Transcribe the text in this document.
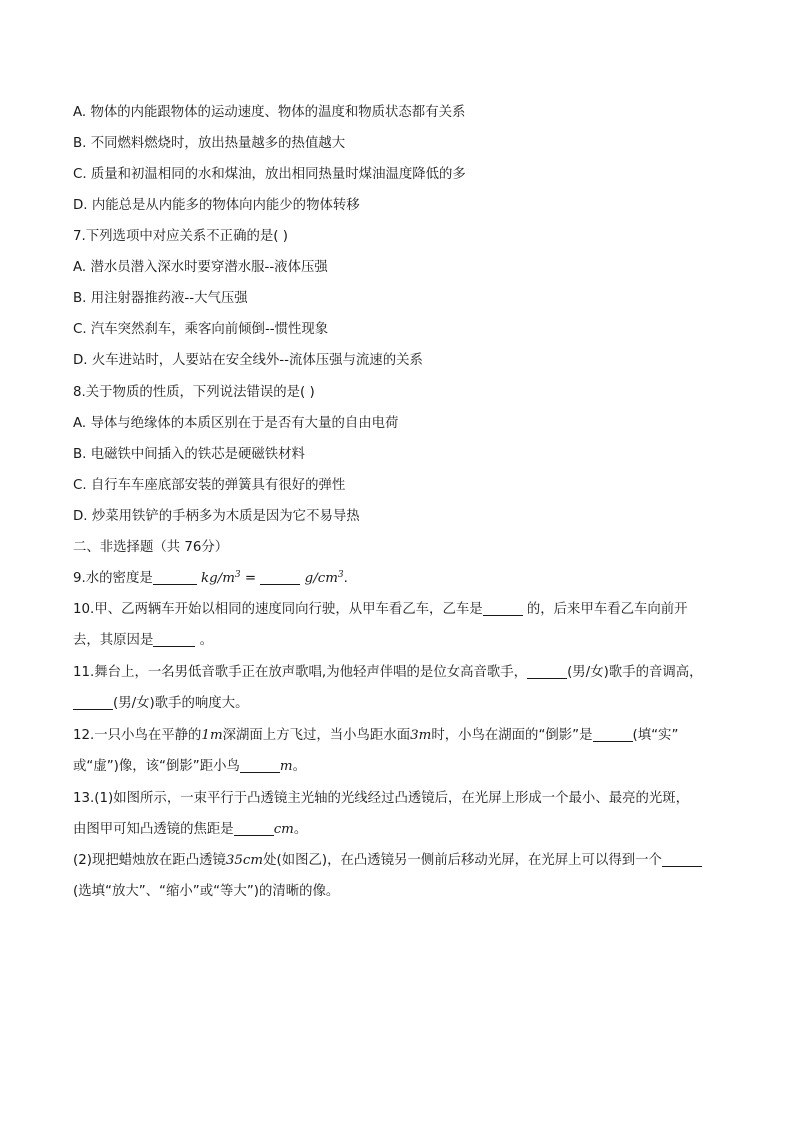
A. 物体的内能跟物体的运动速度、物体的温度和物质状态都有关系
B. 不同燃料燃烧时，放出热量越多的热值越大
C. 质量和初温相同的水和煤油，放出相同热量时煤油温度降低的多
D. 内能总是从内能多的物体向内能少的物体转移
7.下列选项中对应关系不正确的是( )
A. 潜水员潜入深水时要穿潜水服--液体压强
B. 用注射器推药液--大气压强
C. 汽车突然刹车，乘客向前倾倒--惯性现象
D. 火车进站时，人要站在安全线外--流体压强与流速的关系
8.关于物质的性质，下列说法错误的是( )
A. 导体与绝缘体的本质区别在于是否有大量的自由电荷
B. 电磁铁中间插入的铁芯是硬磁铁材料
C. 自行车车座底部安装的弹簧具有很好的弹性
D. 炒菜用铁铲的手柄多为木质是因为它不易导热
二、非选择题（共 76分）
9.水的密度是	$kg/m^3$ =	$g/cm^3$.
10.甲、乙两辆车开始以相同的速度同向行驶，从甲车看乙车，乙车是	的，后来甲车看乙车向前开
去，其原因是	。
11.舞台上，一名男低音歌手正在放声歌唱,为他轻声伴唱的是位女高音歌手，	(男/女)歌手的音调高，
(男/女)歌手的响度大。
12.一只小鸟在平静的1m深湖面上方飞过，当小鸟距水面3m时，小鸟在湖面的“倒影”是	(填“实”
或“虚”)像，该“倒影”距小鸟	m。
13.(1)如图所示，一束平行于凸透镜主光轴的光线经过凸透镜后，在光屏上形成一个最小、最亮的光斑，
由图甲可知凸透镜的焦距是	cm。
(2)现把蜡烛放在距凸透镜35cm处(如图乙)，在凸透镜另一侧前后移动光屏，在光屏上可以得到一个
(选填“放大”、“缩小”或“等大”)的清晰的像。
